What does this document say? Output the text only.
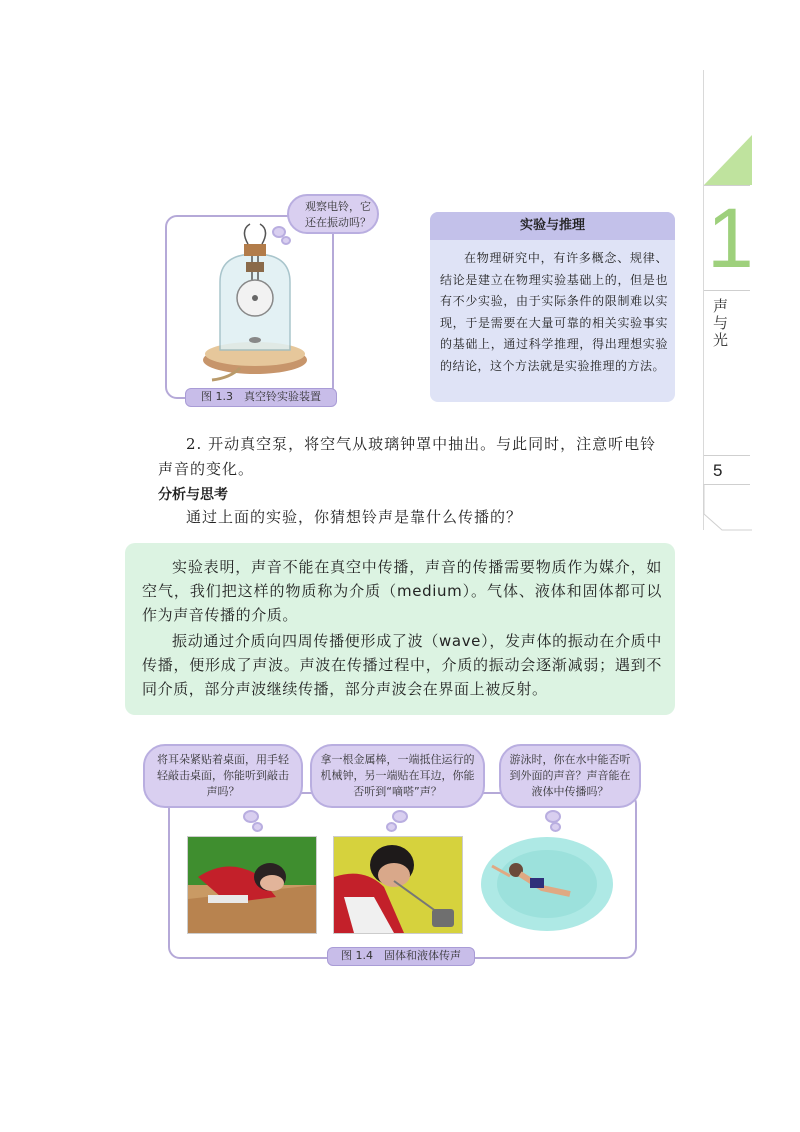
1
声与光
5
观察电铃，它还在振动吗？
图 1.3　真空铃实验装置
实验与推理
在物理研究中，有许多概念、规律、结论是建立在物理实验基础上的，但是也有不少实验，由于实际条件的限制难以实现，于是需要在大量可靠的相关实验事实的基础上，通过科学推理，得出理想实验的结论，这个方法就是实验推理的方法。
2. 开动真空泵，将空气从玻璃钟罩中抽出。与此同时，注意听电铃声音的变化。
分析与思考
通过上面的实验，你猜想铃声是靠什么传播的？
实验表明，声音不能在真空中传播，声音的传播需要物质作为媒介，如空气，我们把这样的物质称为介质（medium）。气体、液体和固体都可以作为声音传播的介质。
振动通过介质向四周传播便形成了波（wave），发声体的振动在介质中传播，便形成了声波。声波在传播过程中，介质的振动会逐渐减弱；遇到不同介质，部分声波继续传播，部分声波会在界面上被反射。
将耳朵紧贴着桌面，用手轻轻敲击桌面，你能听到敲击声吗？
拿一根金属棒，一端抵住运行的机械钟，另一端贴在耳边，你能否听到“嘀嗒”声？
游泳时，你在水中能否听到外面的声音？声音能在液体中传播吗？
图 1.4　固体和液体传声
